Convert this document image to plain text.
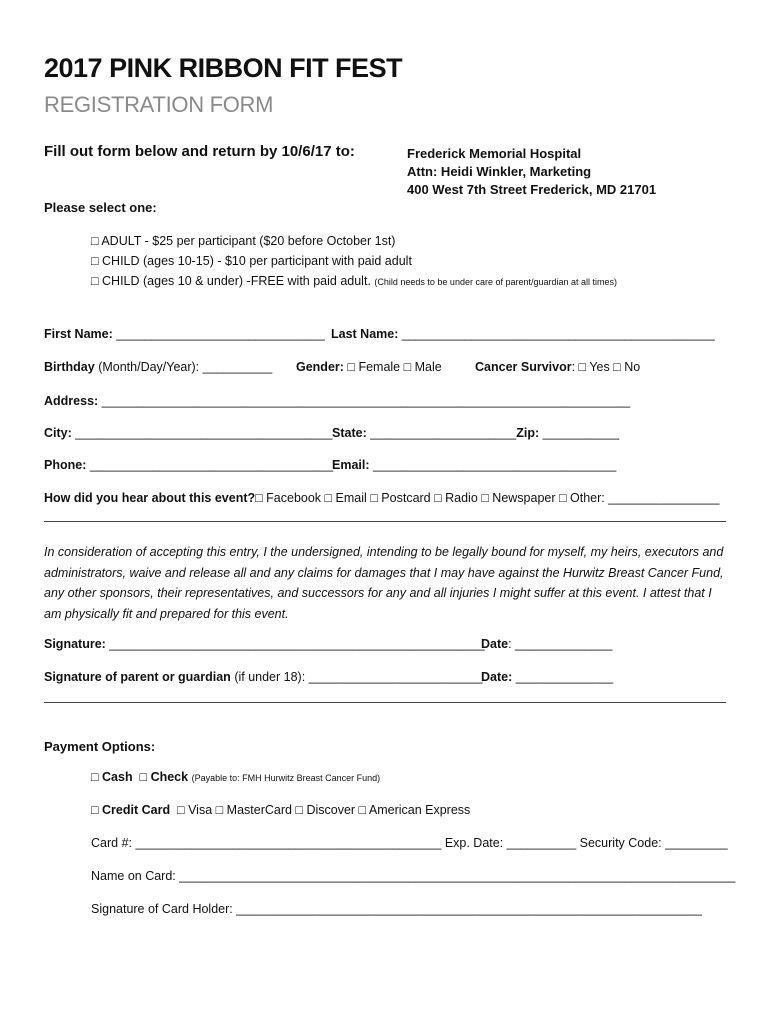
2017 PINK RIBBON FIT FEST
REGISTRATION FORM
Fill out form below and return by 10/6/17 to:	Frederick Memorial Hospital
Attn: Heidi Winkler, Marketing
400 West 7th Street Frederick, MD 21701
Please select one:
□ ADULT - $25 per participant ($20 before October 1st)
□ CHILD (ages 10-15) - $10 per participant with paid adult
□ CHILD (ages 10 & under) -FREE with paid adult. (Child needs to be under care of parent/guardian at all times)
First Name: ______________________________ Last Name: _____________________________________________
Birthday (Month/Day/Year): __________ Gender: □ Female □ Male	Cancer Survivor: □ Yes □ No
Address: ____________________________________________________________________________
City: _____________________________________ State: _____________________Zip: ___________
Phone: ___________________________________
Email: ___________________________________
How did you hear about this event?□ Facebook □ Email □ Postcard □ Radio □ Newspaper □ Other: ________________
In consideration of accepting this entry, I the undersigned, intending to be legally bound for myself, my heirs, executors and administrators, waive and release all and any claims for damages that I may have against the Hurwitz Breast Cancer Fund, any other sponsors, their representatives, and successors for any and all injuries I might suffer at this event. I attest that I am physically fit and prepared for this event.
Signature: ______________________________________________________
Date: ______________
Signature of parent or guardian (if under 18): _________________________
Date: ______________
Payment Options:
□ Cash □ Check (Payable to: FMH Hurwitz Breast Cancer Fund)
□ Credit Card □ Visa □ MasterCard □ Discover □ American Express
Card #: ____________________________________________ Exp. Date: __________ Security Code: _________
Name on Card: ________________________________________________________________________________
Signature of Card Holder: ___________________________________________________________________
